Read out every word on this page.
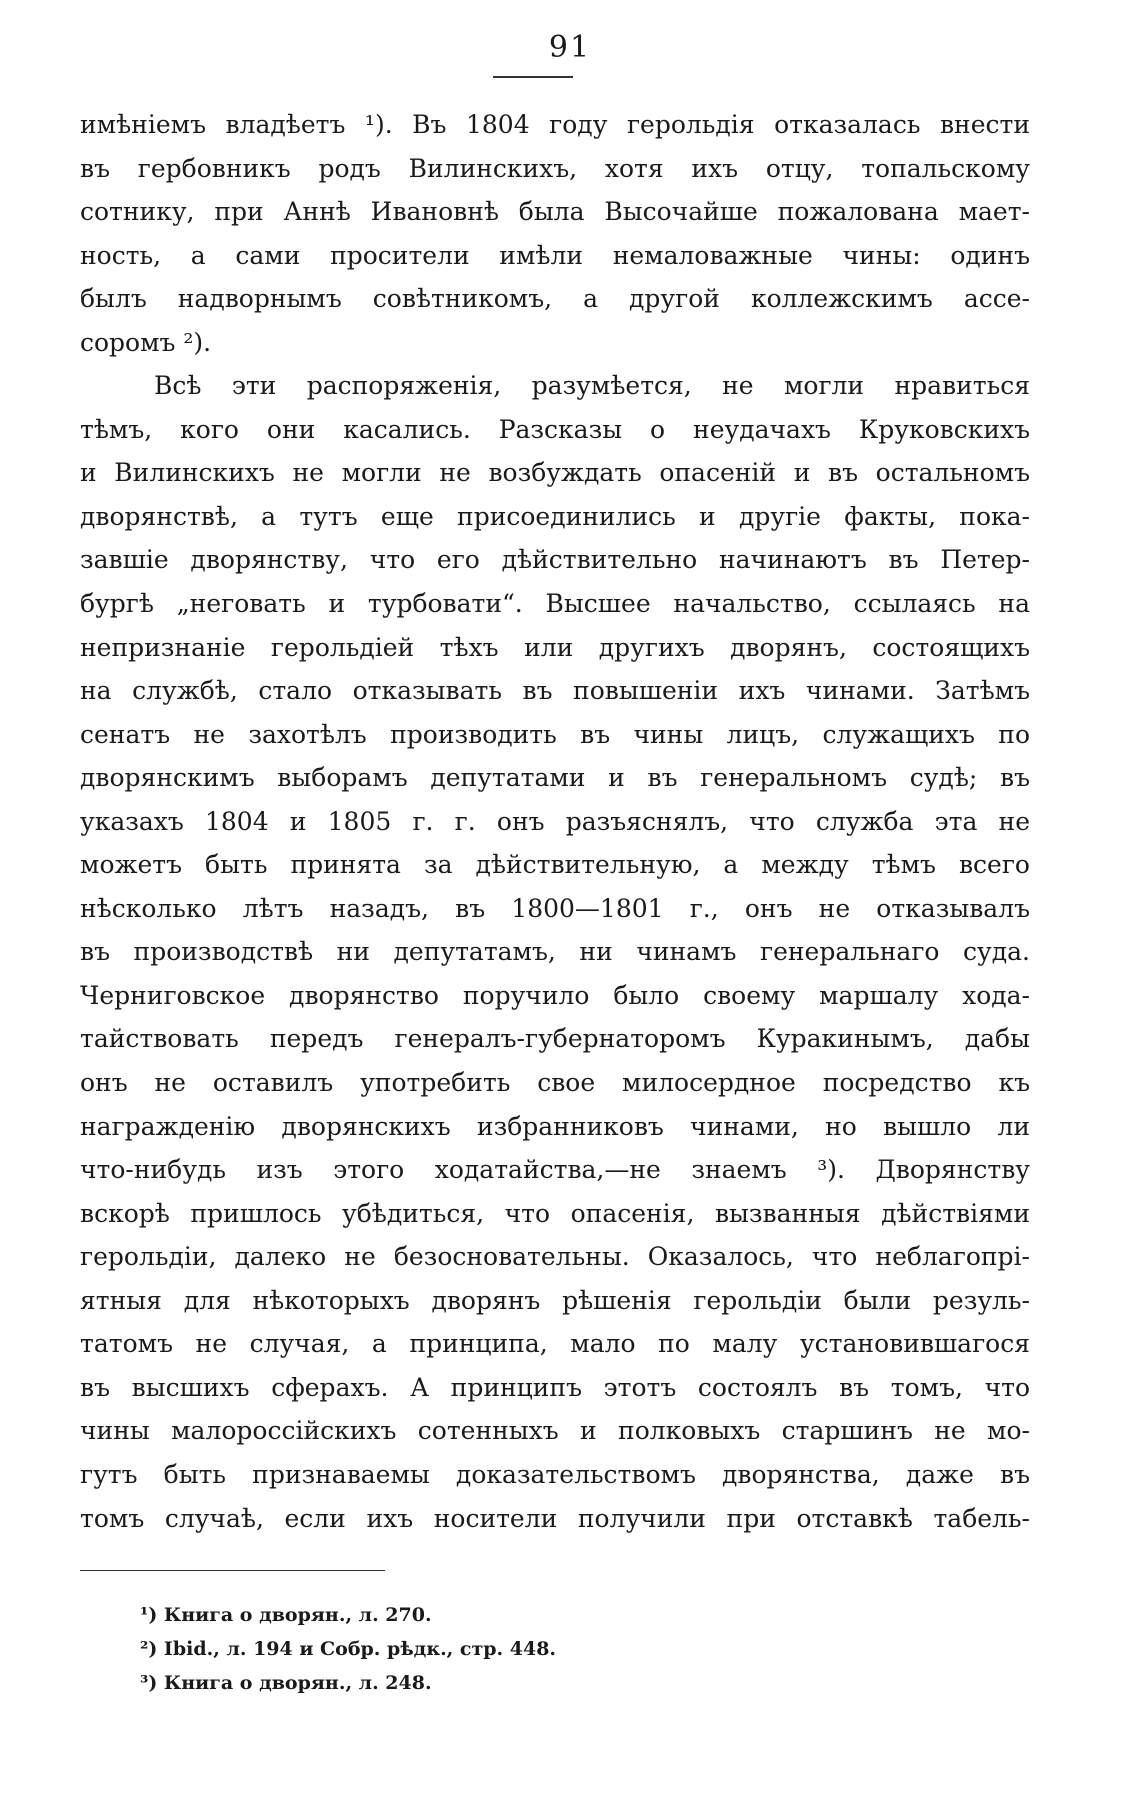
91
имѣніемъ владѣетъ ¹). Въ 1804 году герольдія отказалась внести
въ гербовникъ родъ Вилинскихъ, хотя ихъ отцу, топальскому
сотнику, при Аннѣ Ивановнѣ была Высочайше пожалована мает-
ность, а сами просители имѣли немаловажные чины: одинъ
былъ надворнымъ совѣтникомъ, а другой коллежскимъ ассе-
соромъ ²).
Всѣ эти распоряженія, разумѣется, не могли нравиться
тѣмъ, кого они касались. Разсказы о неудачахъ Круковскихъ
и Вилинскихъ не могли не возбуждать опасеній и въ остальномъ
дворянствѣ, а тутъ еще присоединились и другіе факты, пока-
завшіе дворянству, что его дѣйствительно начинаютъ въ Петер-
бургѣ „неговать и турбовати“. Высшее начальство, ссылаясь на
непризнаніе герольдіей тѣхъ или другихъ дворянъ, состоящихъ
на службѣ, стало отказывать въ повышеніи ихъ чинами. Затѣмъ
сенатъ не захотѣлъ производить въ чины лицъ, служащихъ по
дворянскимъ выборамъ депутатами и въ генеральномъ судѣ; въ
указахъ 1804 и 1805 г. г. онъ разъяснялъ, что служба эта не
можетъ быть принята за дѣйствительную, а между тѣмъ всего
нѣсколько лѣтъ назадъ, въ 1800—1801 г., онъ не отказывалъ
въ производствѣ ни депутатамъ, ни чинамъ генеральнаго суда.
Черниговское дворянство поручило было своему маршалу хода-
тайствовать передъ генералъ-губернаторомъ Куракинымъ, дабы
онъ не оставилъ употребить свое милосердное посредство къ
награжденію дворянскихъ избранниковъ чинами, но вышло ли
что-нибудь изъ этого ходатайства,—не знаемъ ³). Дворянству
вскорѣ пришлось убѣдиться, что опасенія, вызванныя дѣйствіями
герольдіи, далеко не безосновательны. Оказалось, что неблагопрі-
ятныя для нѣкоторыхъ дворянъ рѣшенія герольдіи были резуль-
татомъ не случая, а принципа, мало по малу установившагося
въ высшихъ сферахъ. А принципъ этотъ состоялъ въ томъ, что
чины малороссійскихъ сотенныхъ и полковыхъ старшинъ не мо-
гутъ быть признаваемы доказательствомъ дворянства, даже въ
томъ случаѣ, если ихъ носители получили при отставкѣ табель-
¹) Книга о дворян., л. 270.
²) Ibid., л. 194 и Собр. рѣдк., стр. 448.
³) Книга о дворян., л. 248.
